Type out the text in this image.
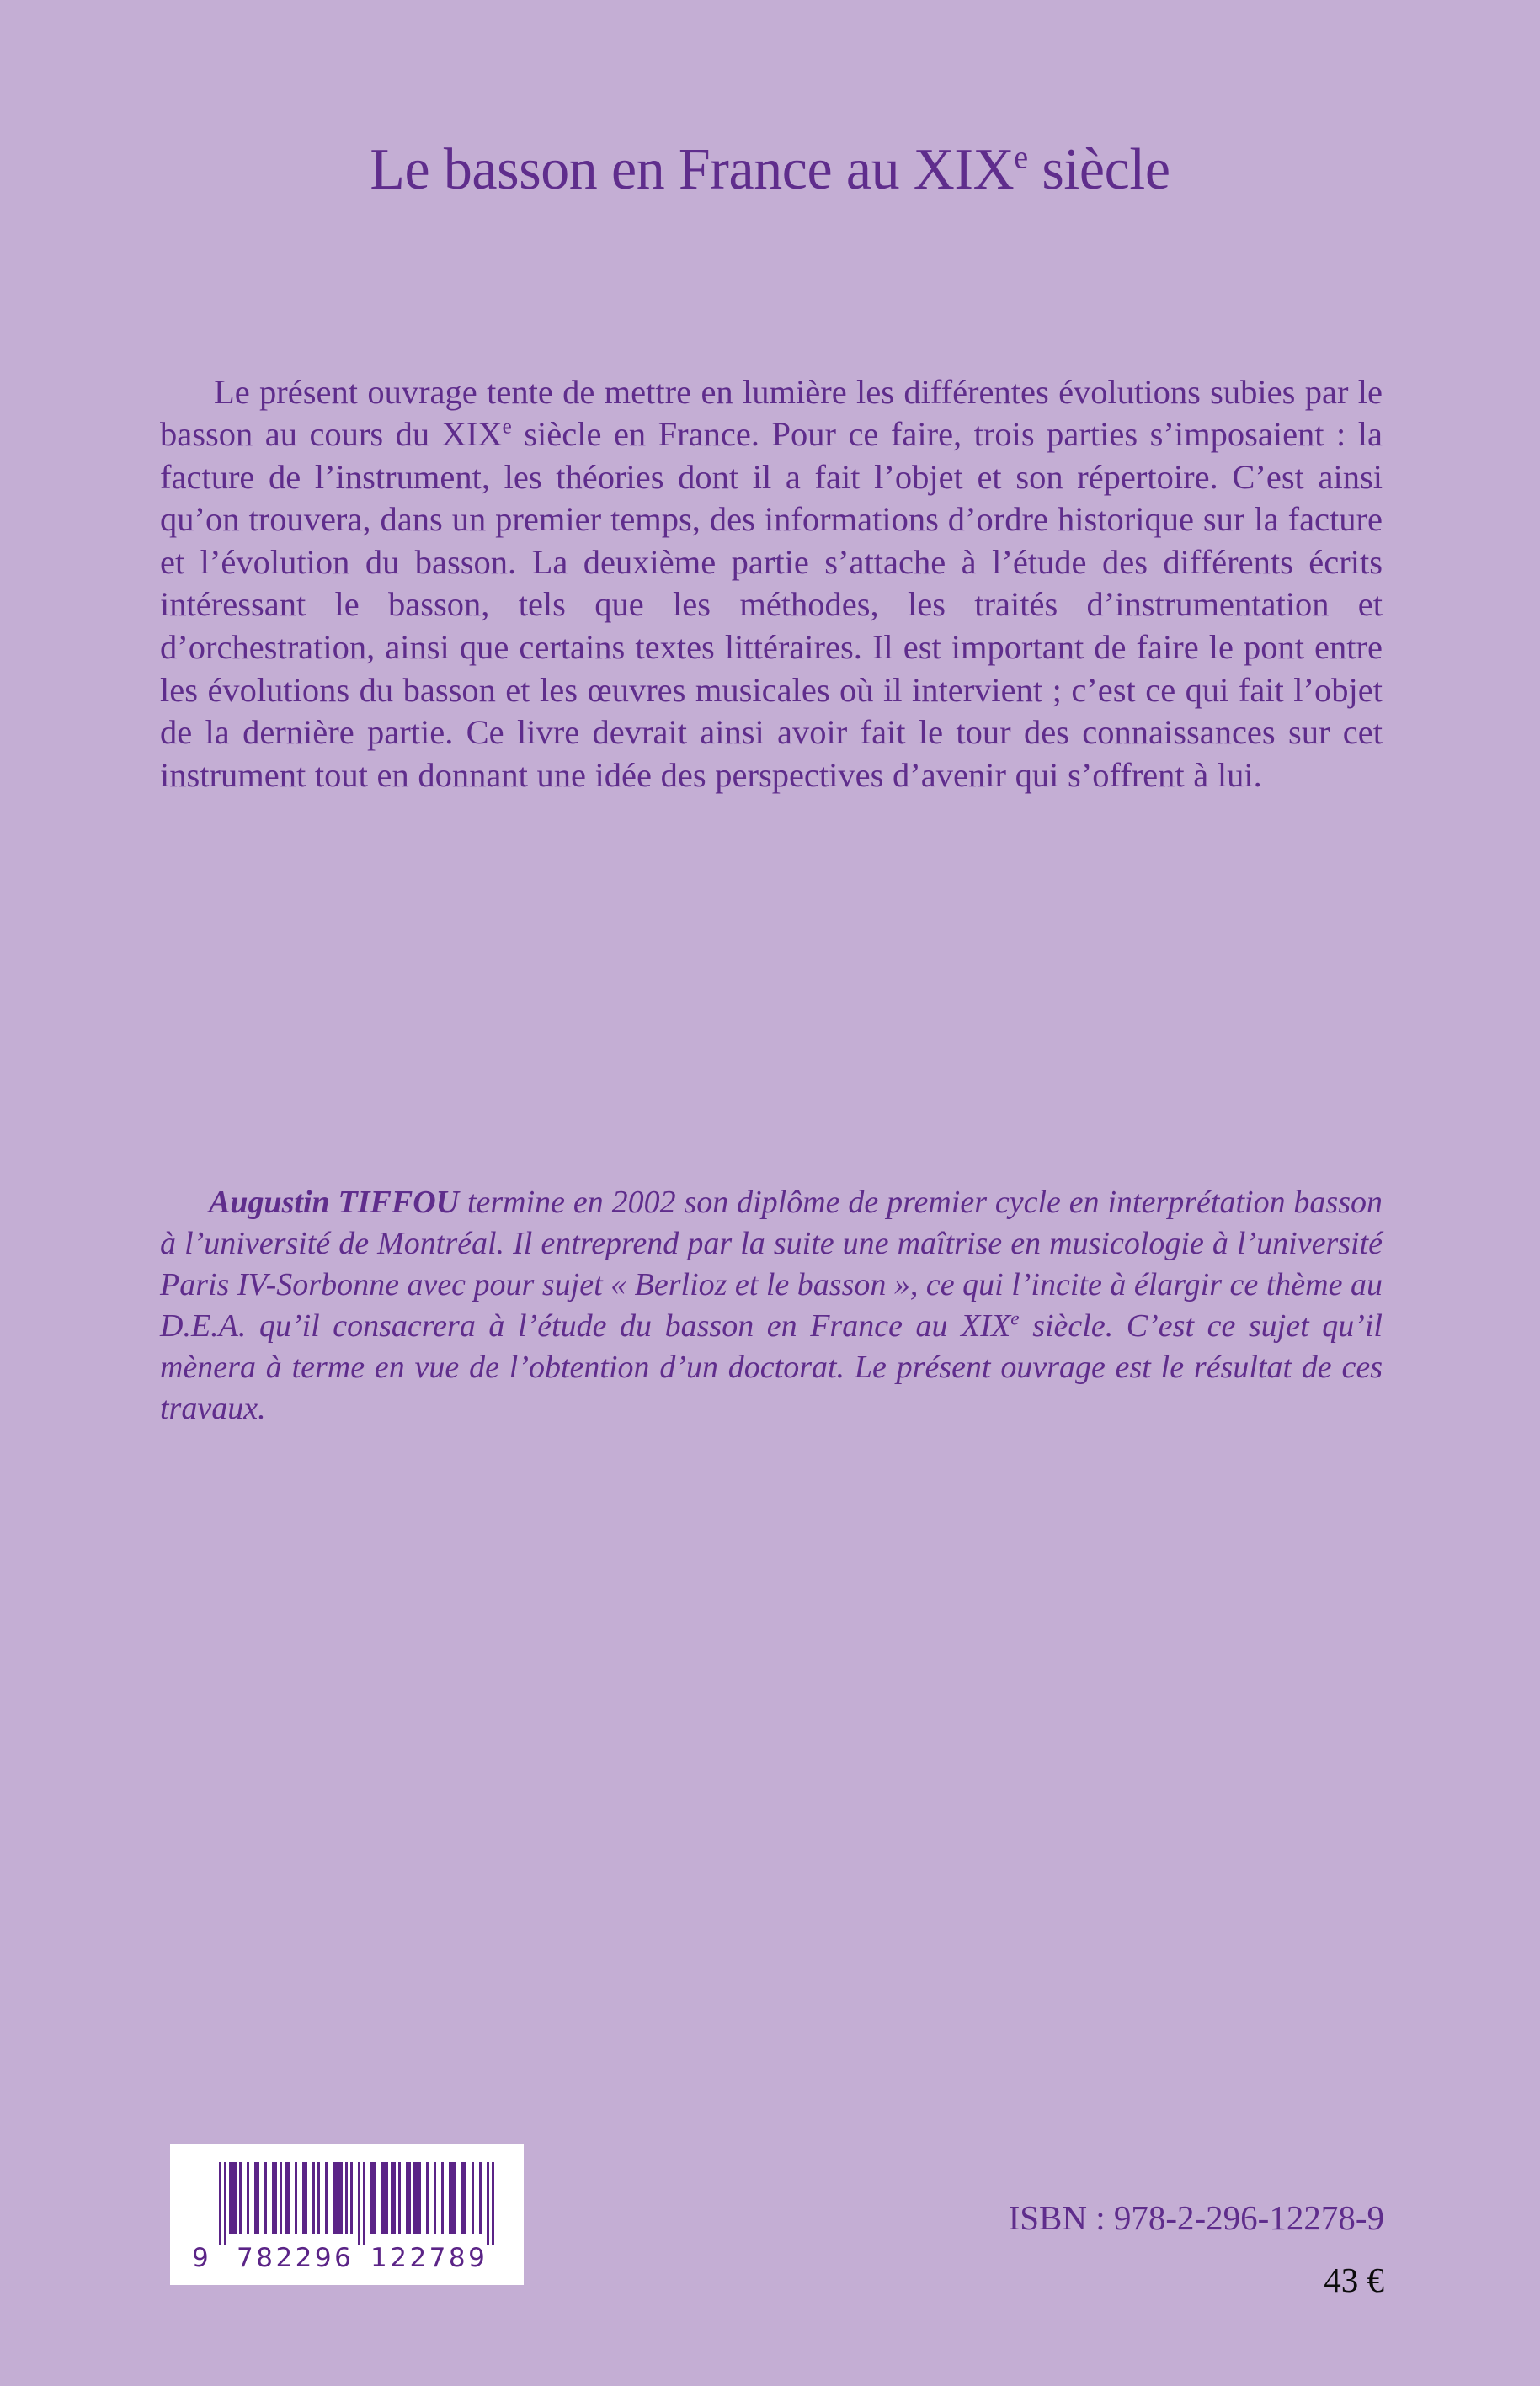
Le basson en France au XIXe siècle

Le présent ouvrage tente de mettre en lumière les différentes évolutions subies par le basson au cours du XIXe siècle en France. Pour ce faire, trois parties s’imposaient : la facture de l’instrument, les théories dont il a fait l’objet et son répertoire. C’est ainsi qu’on trouvera, dans un premier temps, des informations d’ordre historique sur la facture et l’évolution du basson. La deuxième partie s’attache à l’étude des différents écrits intéressant le basson, tels que les méthodes, les traités d’instrumentation et d’orchestration, ainsi que certains textes littéraires. Il est important de faire le pont entre les évolutions du basson et les œuvres musicales où il intervient ; c’est ce qui fait l’objet de la dernière partie. Ce livre devrait ainsi avoir fait le tour des connaissances sur cet instrument tout en donnant une idée des perspectives d’avenir qui s’offrent à lui.

Augustin TIFFOU termine en 2002 son diplôme de premier cycle en interprétation basson à l’université de Montréal. Il entreprend par la suite une maîtrise en musicologie à l’université Paris IV-Sorbonne avec pour sujet « Berlioz et le basson », ce qui l’incite à élargir ce thème au D.E.A. qu’il consacrera à l’étude du basson en France au XIXe siècle. C’est ce sujet qu’il mènera à terme en vue de l’obtention d’un doctorat. Le présent ouvrage est le résultat de ces travaux.

9 782296 122789
ISBN : 978-2-296-12278-9
43 €
